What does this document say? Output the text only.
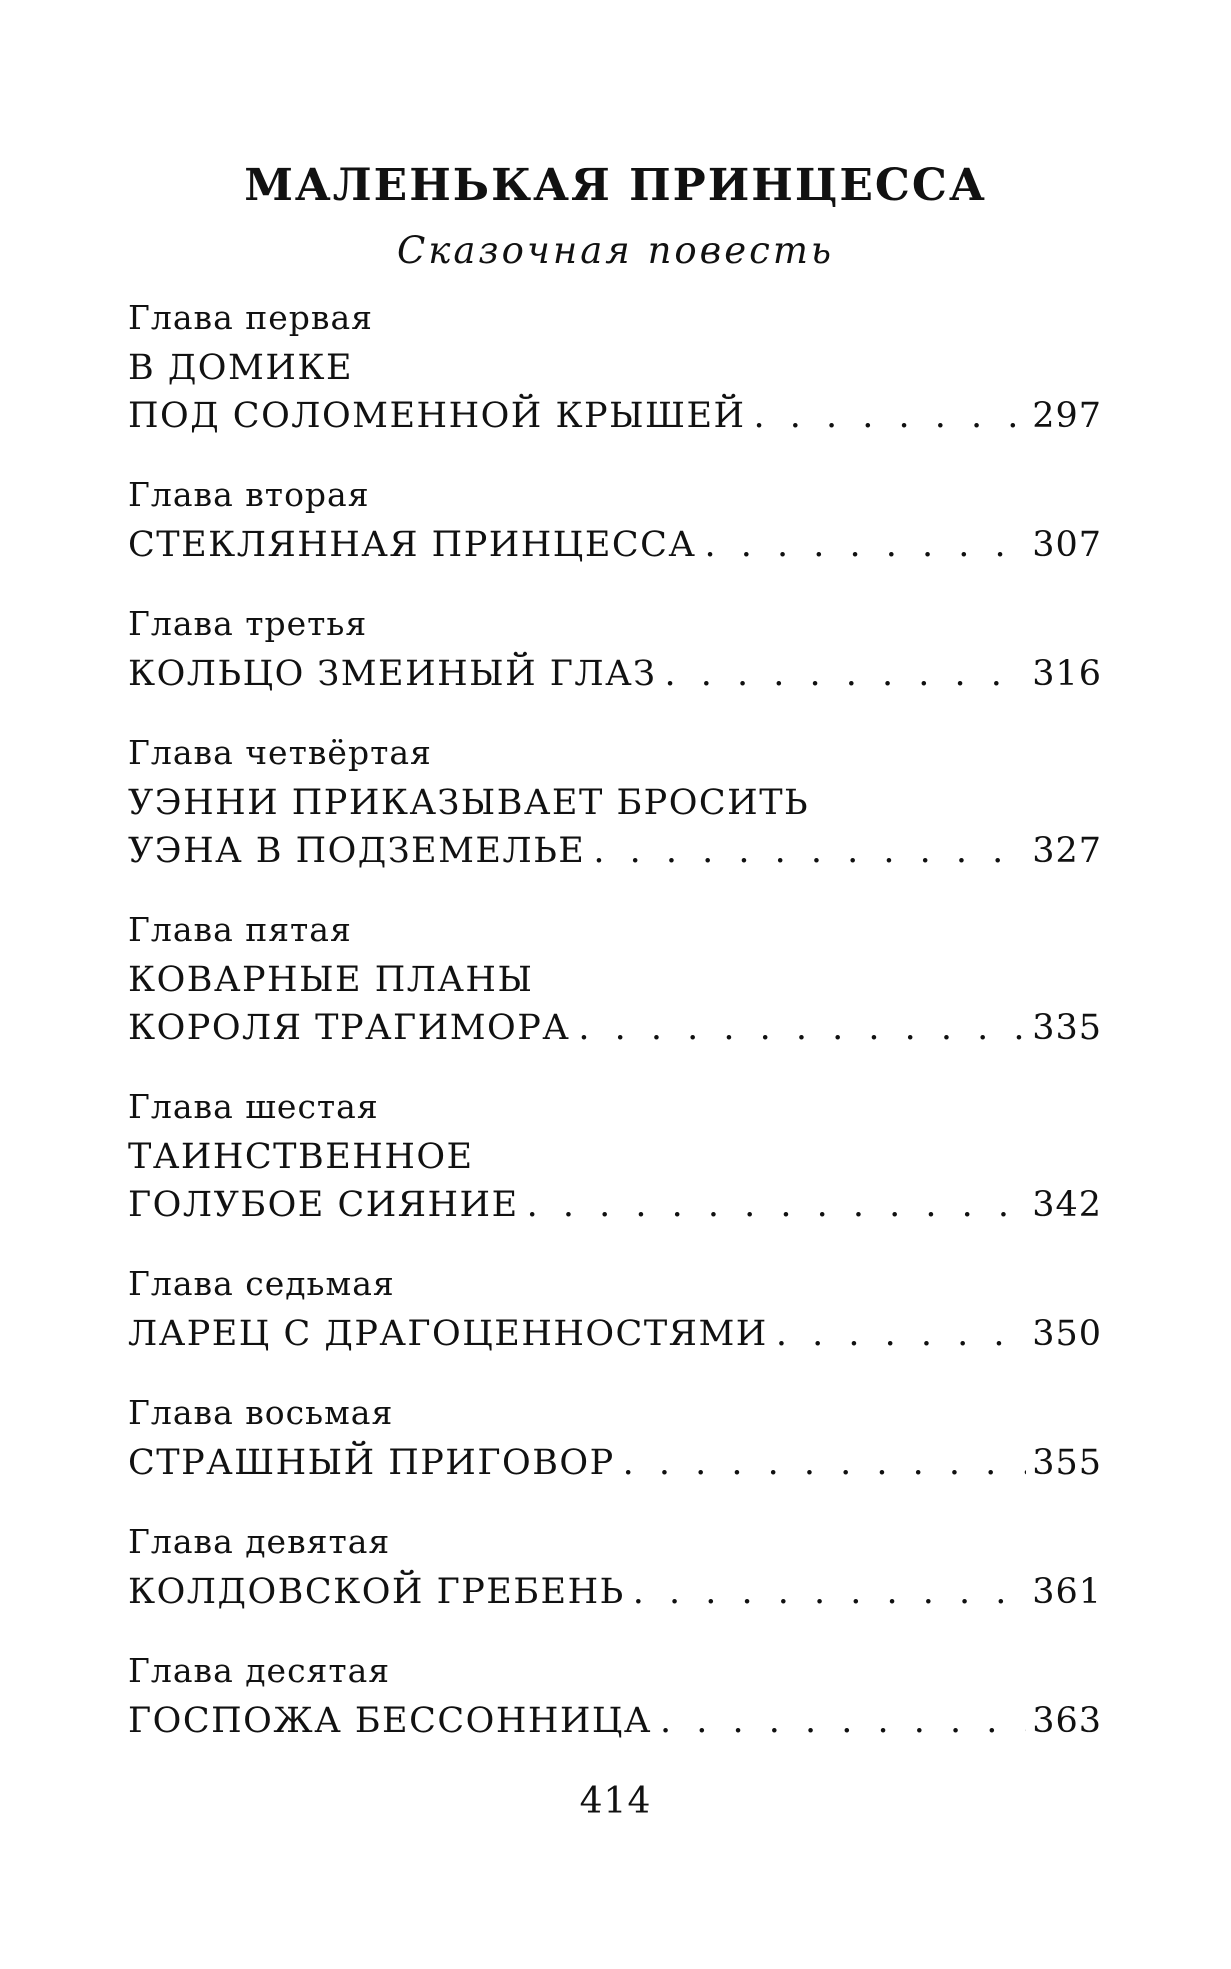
МАЛЕНЬКАЯ ПРИНЦЕССА
Сказочная повесть
Глава первая
В ДОМИКЕ
ПОД СОЛОМЕННОЙ КРЫШЕЙ . . .	297
Глава вторая
СТЕКЛЯННАЯ ПРИНЦЕССА . . .	307
Глава третья
КОЛЬЦО ЗМЕИНЫЙ ГЛАЗ . . .	316
Глава четвёртая
УЭННИ ПРИКАЗЫВАЕТ БРОСИТЬ
УЭНА В ПОДЗЕМЕЛЬЕ . . .	327
Глава пятая
КОВАРНЫЕ ПЛАНЫ
КОРОЛЯ ТРАГИМОРА . . .	335
Глава шестая
ТАИНСТВЕННОЕ
ГОЛУБОЕ СИЯНИЕ . . .	342
Глава седьмая
ЛАРЕЦ С ДРАГОЦЕННОСТЯМИ . . .	350
Глава восьмая
СТРАШНЫЙ ПРИГОВОР . . .	355
Глава девятая
КОЛДОВСКОЙ ГРЕБЕНЬ . . .	361
Глава десятая
ГОСПОЖА БЕССОННИЦА . . .	363
414
